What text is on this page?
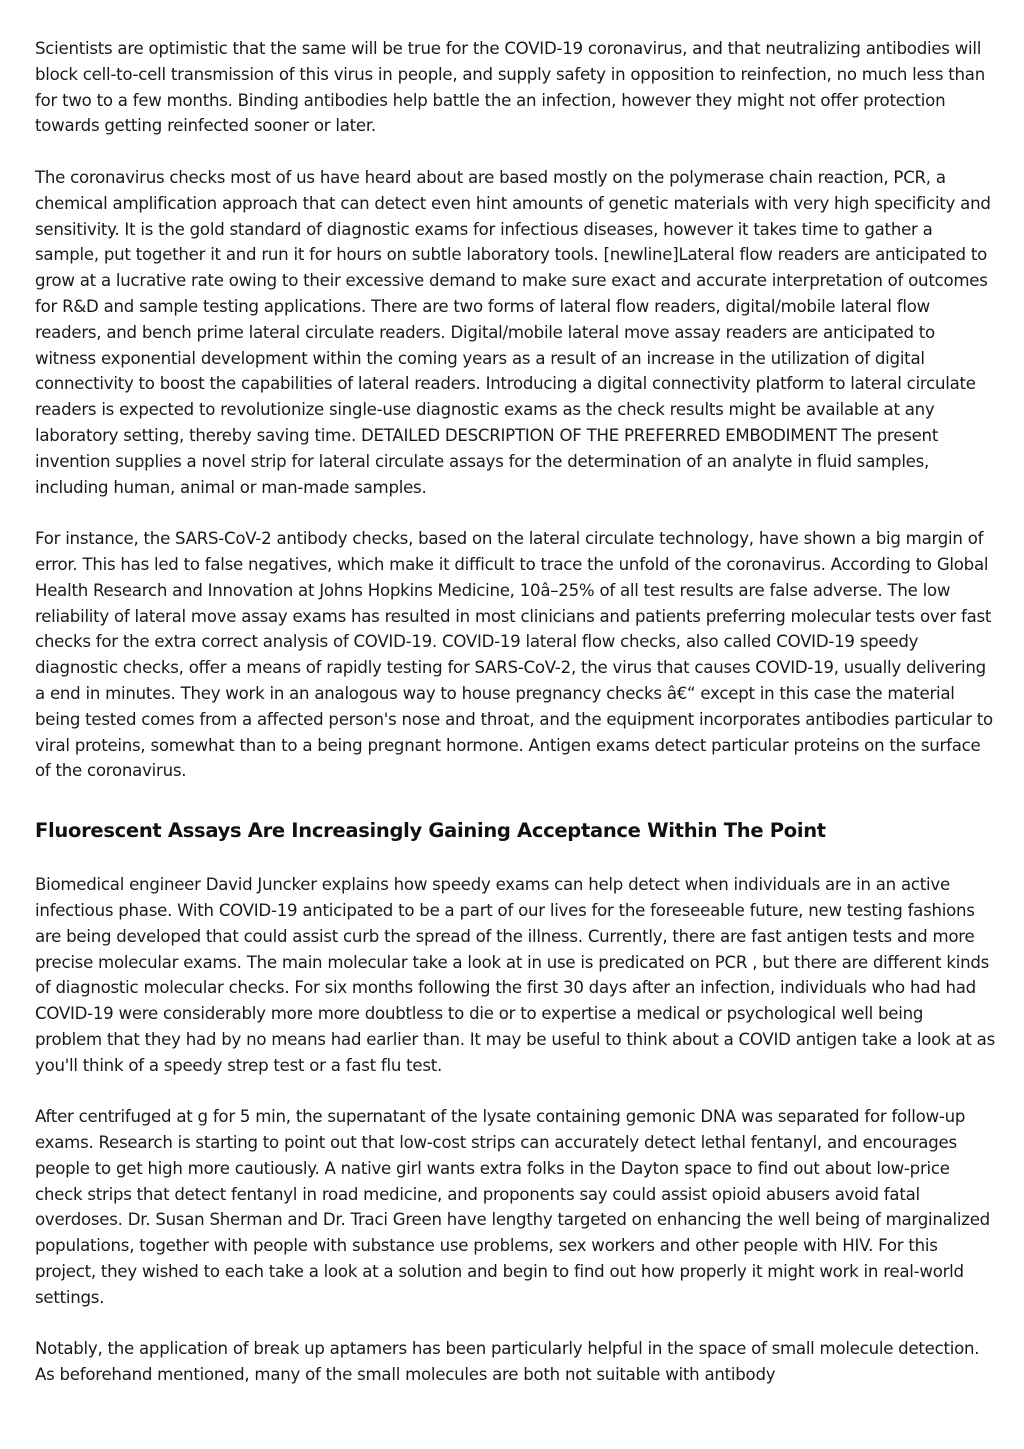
Scientists are optimistic that the same will be true for the COVID-19 coronavirus, and that neutralizing antibodies will block cell-to-cell transmission of this virus in people, and supply safety in opposition to reinfection, no much less than for two to a few months. Binding antibodies help battle the an infection, however they might not offer protection towards getting reinfected sooner or later.

The coronavirus checks most of us have heard about are based mostly on the polymerase chain reaction, PCR, a chemical amplification approach that can detect even hint amounts of genetic materials with very high specificity and sensitivity. It is the gold standard of diagnostic exams for infectious diseases, however it takes time to gather a sample, put together it and run it for hours on subtle laboratory tools. [newline]Lateral flow readers are anticipated to grow at a lucrative rate owing to their excessive demand to make sure exact and accurate interpretation of outcomes for R&D and sample testing applications. There are two forms of lateral flow readers, digital/mobile lateral flow readers, and bench prime lateral circulate readers. Digital/mobile lateral move assay readers are anticipated to witness exponential development within the coming years as a result of an increase in the utilization of digital connectivity to boost the capabilities of lateral readers. Introducing a digital connectivity platform to lateral circulate readers is expected to revolutionize single-use diagnostic exams as the check results might be available at any laboratory setting, thereby saving time. DETAILED DESCRIPTION OF THE PREFERRED EMBODIMENT The present invention supplies a novel strip for lateral circulate assays for the determination of an analyte in fluid samples, including human, animal or man-made samples.

For instance, the SARS-CoV-2 antibody checks, based on the lateral circulate technology, have shown a big margin of error. This has led to false negatives, which make it difficult to trace the unfold of the coronavirus. According to Global Health Research and Innovation at Johns Hopkins Medicine, 10â–25% of all test results are false adverse. The low reliability of lateral move assay exams has resulted in most clinicians and patients preferring molecular tests over fast checks for the extra correct analysis of COVID-19. COVID-19 lateral flow checks, also called COVID-19 speedy diagnostic checks, offer a means of rapidly testing for SARS-CoV-2, the virus that causes COVID-19, usually delivering a end in minutes. They work in an analogous way to house pregnancy checks â€“ except in this case the material being tested comes from a affected person's nose and throat, and the equipment incorporates antibodies particular to viral proteins, somewhat than to a being pregnant hormone. Antigen exams detect particular proteins on the surface of the coronavirus.

Fluorescent Assays Are Increasingly Gaining Acceptance Within The Point

Biomedical engineer David Juncker explains how speedy exams can help detect when individuals are in an active infectious phase. With COVID-19 anticipated to be a part of our lives for the foreseeable future, new testing fashions are being developed that could assist curb the spread of the illness. Currently, there are fast antigen tests and more precise molecular exams. The main molecular take a look at in use is predicated on PCR , but there are different kinds of diagnostic molecular checks. For six months following the first 30 days after an infection, individuals who had had COVID-19 were considerably more more doubtless to die or to expertise a medical or psychological well being problem that they had by no means had earlier than. It may be useful to think about a COVID antigen take a look at as you'll think of a speedy strep test or a fast flu test.

After centrifuged at g for 5 min, the supernatant of the lysate containing gemonic DNA was separated for follow-up exams. Research is starting to point out that low-cost strips can accurately detect lethal fentanyl, and encourages people to get high more cautiously. A native girl wants extra folks in the Dayton space to find out about low-price check strips that detect fentanyl in road medicine, and proponents say could assist opioid abusers avoid fatal overdoses. Dr. Susan Sherman and Dr. Traci Green have lengthy targeted on enhancing the well being of marginalized populations, together with people with substance use problems, sex workers and other people with HIV. For this project, they wished to each take a look at a solution and begin to find out how properly it might work in real-world settings.

Notably, the application of break up aptamers has been particularly helpful in the space of small molecule detection. As beforehand mentioned, many of the small molecules are both not suitable with antibody
